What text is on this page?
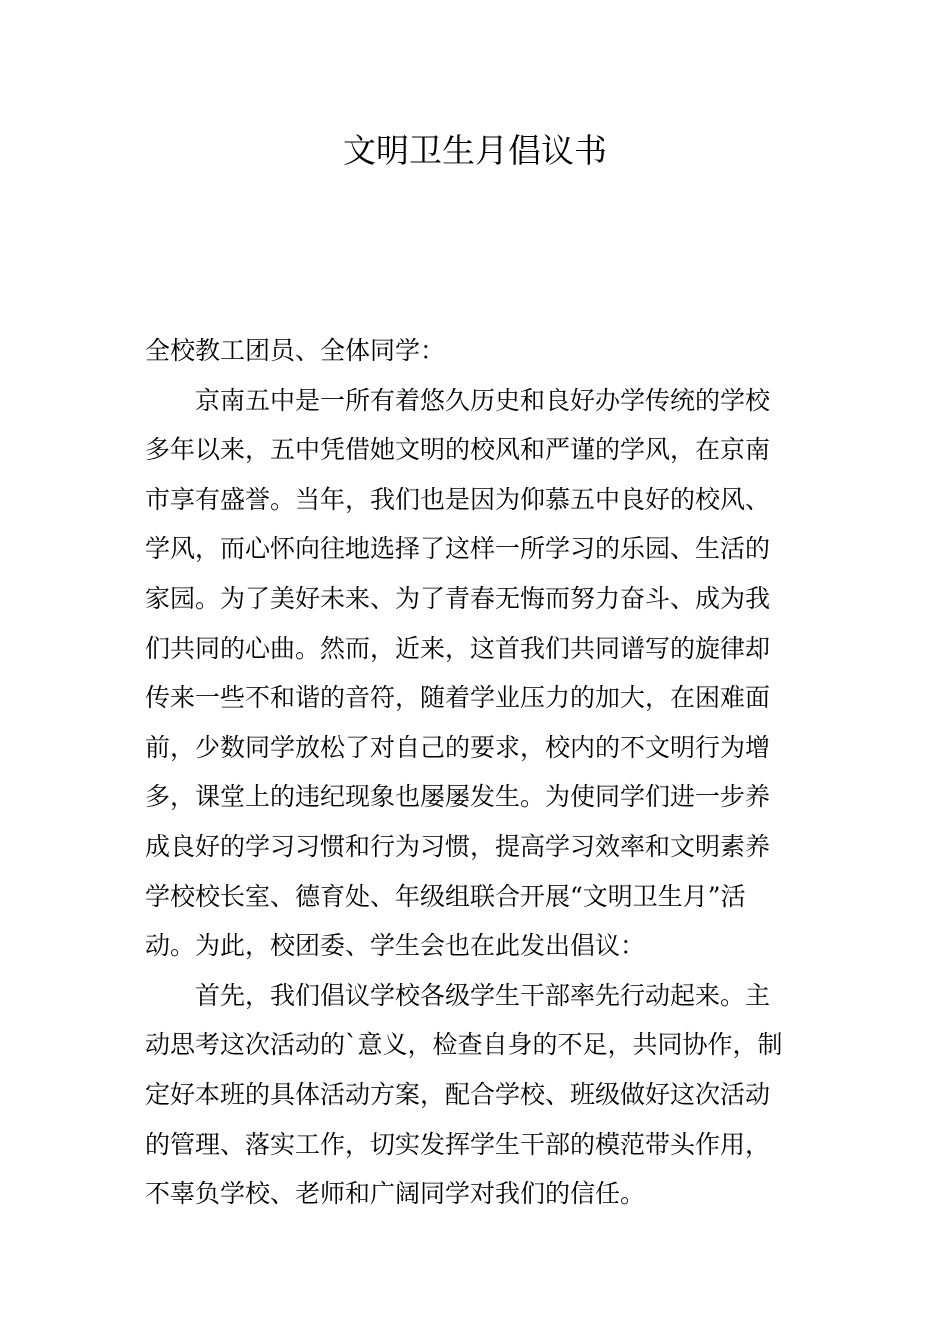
文明卫生月倡议书
全校教工团员、全体同学：
京南五中是一所有着悠久历史和良好办学传统的学校
多年以来，五中凭借她文明的校风和严谨的学风，在京南
市享有盛誉。当年，我们也是因为仰慕五中良好的校风、
学风，而心怀向往地选择了这样一所学习的乐园、生活的
家园。为了美好未来、为了青春无悔而努力奋斗、成为我
们共同的心曲。然而，近来，这首我们共同谱写的旋律却
传来一些不和谐的音符，随着学业压力的加大，在困难面
前，少数同学放松了对自己的要求，校内的不文明行为增
多，课堂上的违纪现象也屡屡发生。为使同学们进一步养
成良好的学习习惯和行为习惯，提高学习效率和文明素养
学校校长室、德育处、年级组联合开展“文明卫生月”活
动。为此，校团委、学生会也在此发出倡议：
首先，我们倡议学校各级学生干部率先行动起来。主
动思考这次活动的`意义，检查自身的不足，共同协作，制
定好本班的具体活动方案，配合学校、班级做好这次活动
的管理、落实工作，切实发挥学生干部的模范带头作用，
不辜负学校、老师和广阔同学对我们的信任。
